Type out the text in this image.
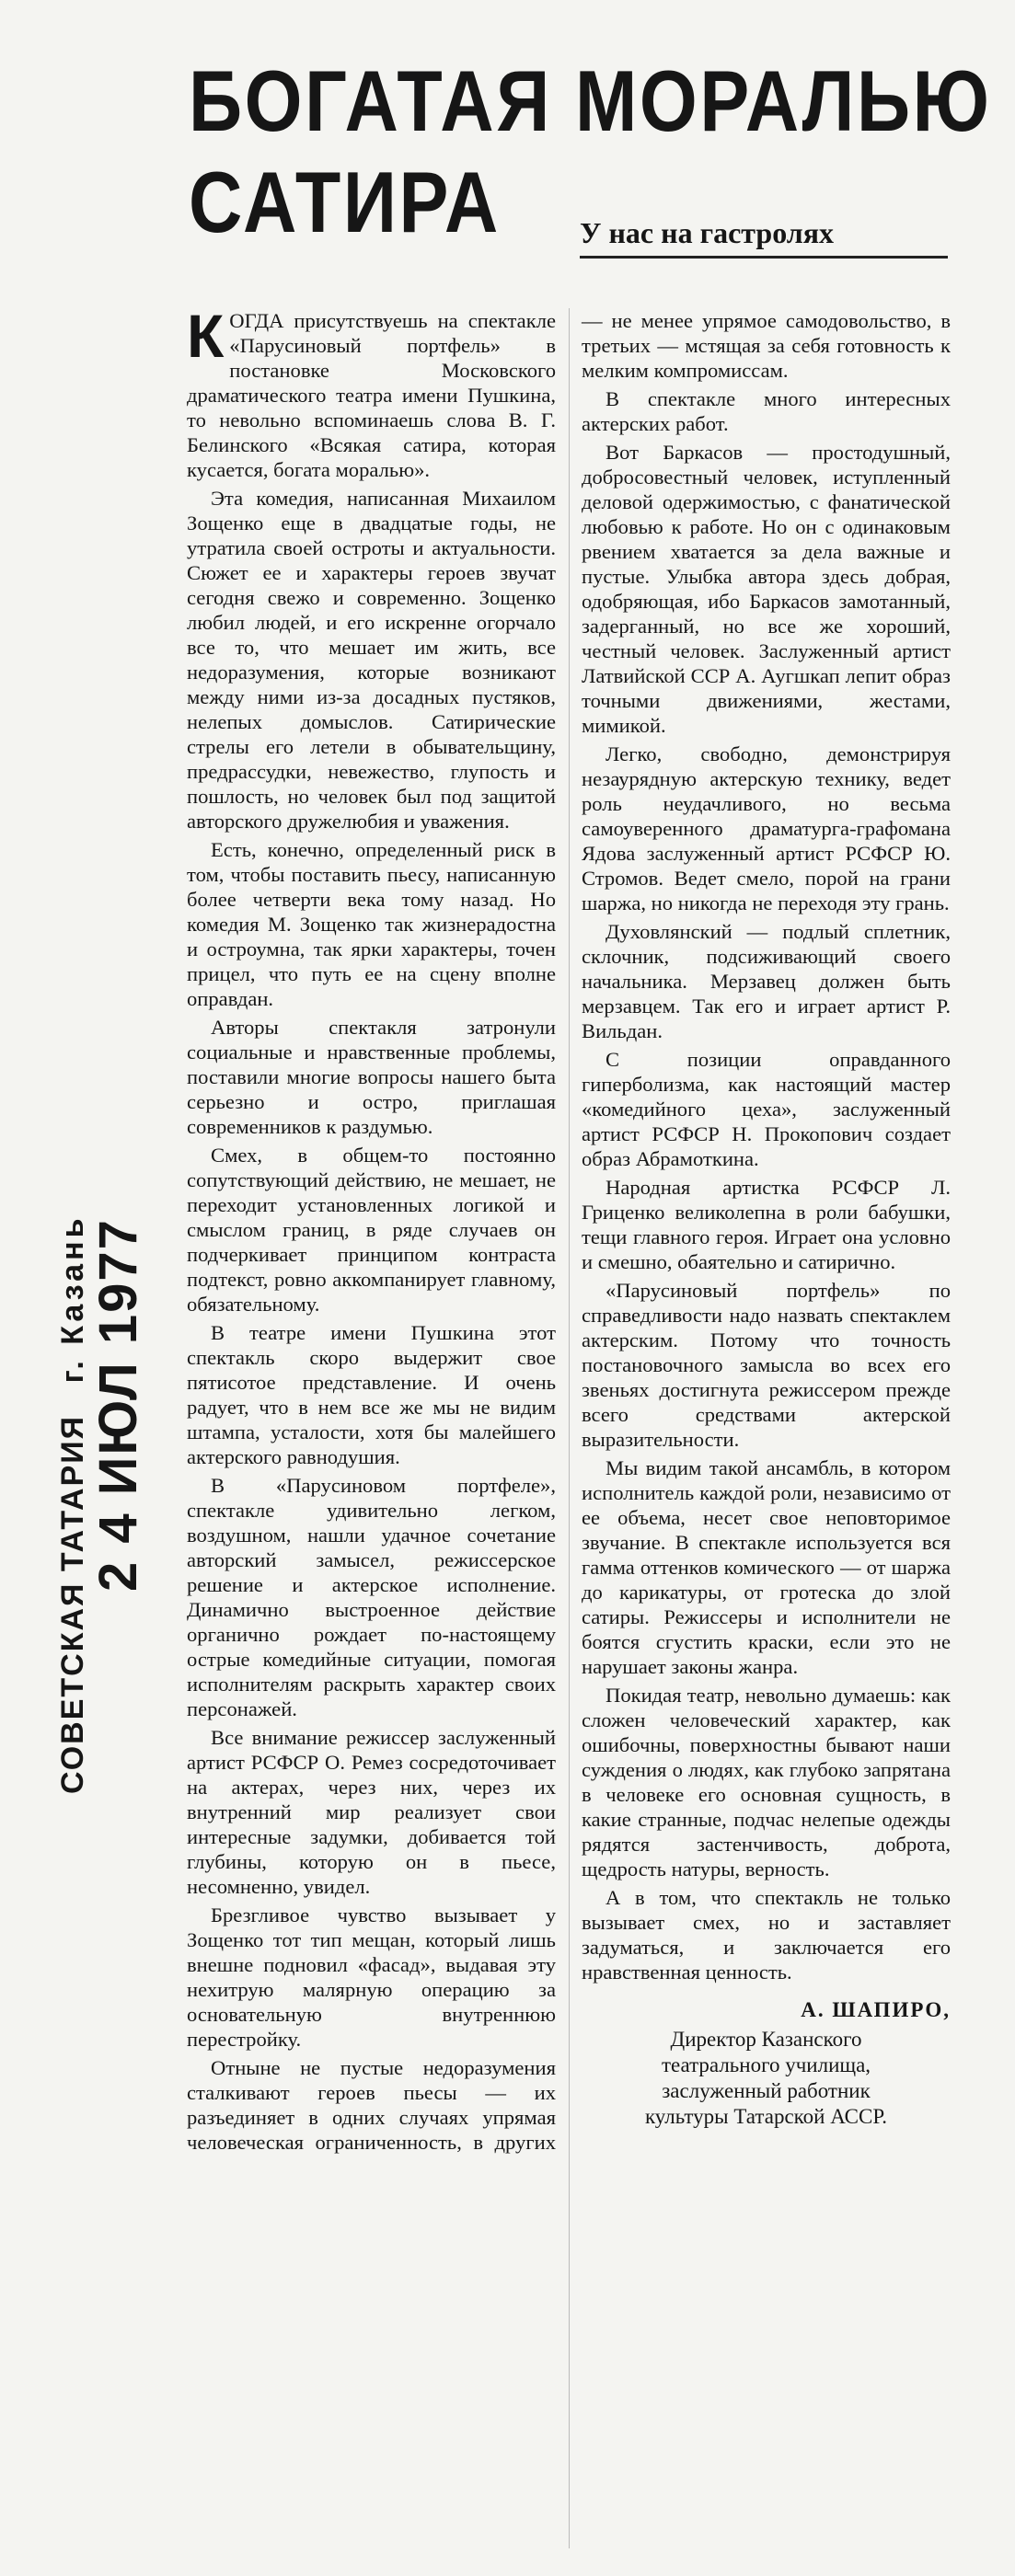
БОГАТАЯ МОРАЛЬЮ
САТИРА	У нас на гастролях
СОВЕТСКАЯ ТАТАРИЯ г. Казань
2 4 ИЮЛ 1977

КОГДА присутствуешь на спектакле «Парусиновый портфель» в постановке Московского драматического театра имени Пушкина, то невольно вспоминаешь слова В. Г. Белинского «Всякая сатира, которая кусается, богата моралью».

Эта комедия, написанная Михаилом Зощенко еще в двадцатые годы, не утратила своей остроты и актуальности. Сюжет ее и характеры героев звучат сегодня свежо и современно. Зощенко любил людей, и его искренне огорчало все то, что мешает им жить, все недоразумения, которые возникают между ними из-за досадных пустяков, нелепых домыслов. Сатирические стрелы его летели в обывательщину, предрассудки, невежество, глупость и пошлость, но человек был под защитой авторского дружелюбия и уважения.

Есть, конечно, определенный риск в том, чтобы поставить пьесу, написанную более четверти века тому назад. Но комедия М. Зощенко так жизнерадостна и остроумна, так ярки характеры, точен прицел, что путь ее на сцену вполне оправдан.

Авторы спектакля затронули социальные и нравственные проблемы, поставили многие вопросы нашего быта серьезно и остро, приглашая современников к раздумью.

Смех, в общем-то постоянно сопутствующий действию, не мешает, не переходит установленных логикой и смыслом границ, в ряде случаев он подчеркивает принципом контраста подтекст, ровно аккомпанирует главному, обязательному.

В театре имени Пушкина этот спектакль скоро выдержит свое пятисотое представление. И очень радует, что в нем все же мы не видим штампа, усталости, хотя бы малейшего актерского равнодушия.

В «Парусиновом портфеле», спектакле удивительно легком, воздушном, нашли удачное сочетание авторский замысел, режиссерское решение и актерское исполнение. Динамично выстроенное действие органично рождает по-настоящему острые комедийные ситуации, помогая исполнителям раскрыть характер своих персонажей.

Все внимание режиссер заслуженный артист РСФСР О. Ремез сосредоточивает на актерах, через них, через их внутренний мир реализует свои интересные задумки, добивается той глубины, которую он в пьесе, несомненно, увидел.

Брезгливое чувство вызывает у Зощенко тот тип мещан, который лишь внешне подновил «фасад», выдавая эту нехитрую малярную операцию за основательную внутреннюю перестройку.

Отныне не пустые недоразумения сталкивают героев пьесы — их разъединяет в одних случаях упрямая человеческая ограниченность, в других — не менее упрямое самодовольство, в третьих — мстящая за себя готовность к мелким компромиссам.

В спектакле много интересных актерских работ.

Вот Баркасов — простодушный, добросовестный человек, иступленный деловой одержимостью, с фанатической любовью к работе. Но он с одинаковым рвением хватается за дела важные и пустые. Улыбка автора здесь добрая, одобряющая, ибо Баркасов замотанный, задерганный, но все же хороший, честный человек. Заслуженный артист Латвийской ССР А. Аугшкап лепит образ точными движениями, жестами, мимикой.

Легко, свободно, демонстрируя незаурядную актерскую технику, ведет роль неудачливого, но весьма самоуверенного драматурга-графомана Ядова заслуженный артист РСФСР Ю. Стромов. Ведет смело, порой на грани шаржа, но никогда не переходя эту грань.

Духовлянский — подлый сплетник, склочник, подсиживающий своего начальника. Мерзавец должен быть мерзавцем. Так его и играет артист Р. Вильдан.

С позиции оправданного гиперболизма, как настоящий мастер «комедийного цеха», заслуженный артист РСФСР Н. Прокопович создает образ Абрамоткина.

Народная артистка РСФСР Л. Гриценко великолепна в роли бабушки, тещи главного героя. Играет она условно и смешно, обаятельно и сатирично.

«Парусиновый портфель» по справедливости надо назвать спектаклем актерским. Потому что точность постановочного замысла во всех его звеньях достигнута режиссером прежде всего средствами актерской выразительности.

Мы видим такой ансамбль, в котором исполнитель каждой роли, независимо от ее объема, несет свое неповторимое звучание. В спектакле используется вся гамма оттенков комического — от шаржа до карикатуры, от гротеска до злой сатиры. Режиссеры и исполнители не боятся сгустить краски, если это не нарушает законы жанра.

Покидая театр, невольно думаешь: как сложен человеческий характер, как ошибочны, поверхностны бывают наши суждения о людях, как глубоко запрятана в человеке его основная сущность, в какие странные, подчас нелепые одежды рядятся застенчивость, доброта, щедрость натуры, верность.

А в том, что спектакль не только вызывает смех, но и заставляет задуматься, и заключается его нравственная ценность.

А. ШАПИРО,
Директор Казанского
театрального училища,
заслуженный работник
культуры Татарской АССР.
